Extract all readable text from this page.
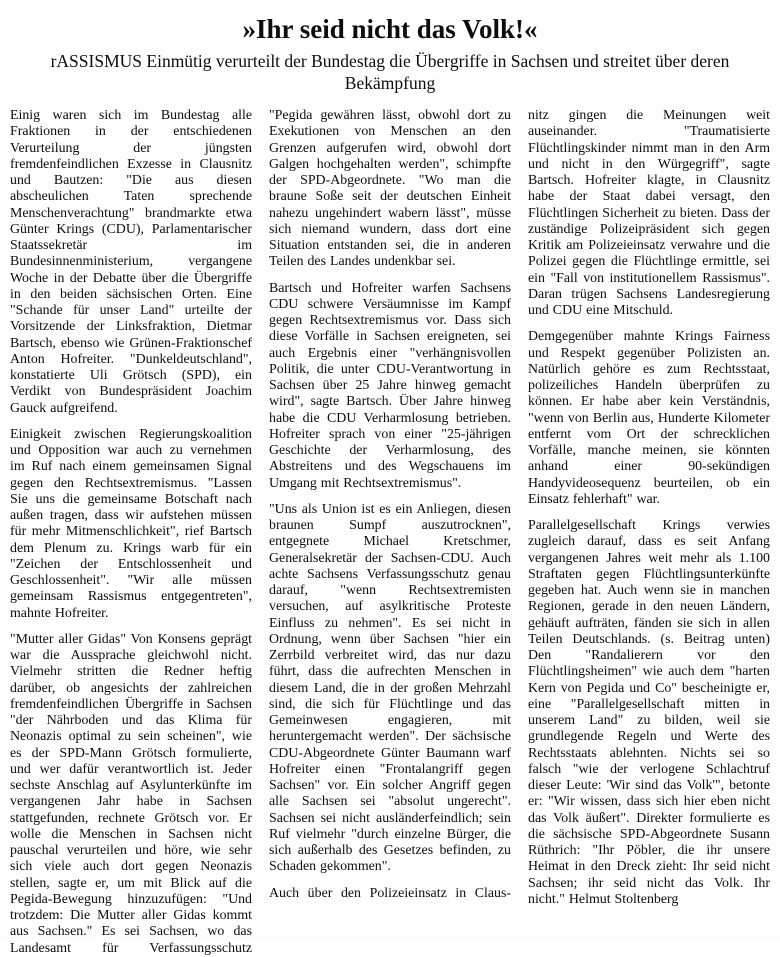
»Ihr seid nicht das Volk!«

rASSISMUS Einmütig verurteilt der Bundestag die Übergriffe in Sachsen und streitet über deren Bekämpfung

Einig waren sich im Bundestag alle Fraktionen in der entschiedenen Verurteilung der jüngsten fremdenfeindlichen Exzesse in Clausnitz und Bautzen: "Die aus diesen abscheulichen Taten sprechende Menschenverachtung" brandmarkte etwa Günter Krings (CDU), Parlamentarischer Staatssekretär im Bundesinnenministerium, vergangene Woche in der Debatte über die Übergriffe in den beiden sächsischen Orten. Eine "Schande für unser Land" urteilte der Vorsitzende der Linksfraktion, Dietmar Bartsch, ebenso wie Grünen-Fraktionschef Anton Hofreiter. "Dunkeldeutschland", konstatierte Uli Grötsch (SPD), ein Verdikt von Bundespräsident Joachim Gauck aufgreifend.

Einigkeit zwischen Regierungskoalition und Opposition war auch zu vernehmen im Ruf nach einem gemeinsamen Signal gegen den Rechtsextremismus. "Lassen Sie uns die gemeinsame Botschaft nach außen tragen, dass wir aufstehen müssen für mehr Mitmenschlichkeit", rief Bartsch dem Plenum zu. Krings warb für ein "Zeichen der Entschlossenheit und Geschlossenheit". "Wir alle müssen gemeinsam Rassismus entgegentreten", mahnte Hofreiter.

"Mutter aller Gidas" Von Konsens geprägt war die Aussprache gleichwohl nicht. Vielmehr stritten die Redner heftig darüber, ob angesichts der zahlreichen fremdenfeindlichen Übergriffe in Sachsen "der Nährboden und das Klima für Neonazis optimal zu sein scheinen", wie es der SPD-Mann Grötsch formulierte, und wer dafür verantwortlich ist. Jeder sechste Anschlag auf Asylunterkünfte im vergangenen Jahr habe in Sachsen stattgefunden, rechnete Grötsch vor. Er wolle die Menschen in Sachsen nicht pauschal verurteilen und höre, wie sehr sich viele auch dort gegen Neonazis stellen, sagte er, um mit Blick auf die Pegida-Bewegung hinzuzufügen: "Und trotzdem: Die Mutter aller Gidas kommt aus Sachsen." Es sei Sachsen, wo das Landesamt für Verfassungsschutz

"Pegida gewähren lässt, obwohl dort zu Exekutionen von Menschen an den Grenzen aufgerufen wird, obwohl dort Galgen hochgehalten werden", schimpfte der SPD-Abgeordnete. "Wo man die braune Soße seit der deutschen Einheit nahezu ungehindert wabern lässt", müsse sich niemand wundern, dass dort eine Situation entstanden sei, die in anderen Teilen des Landes undenkbar sei.

Bartsch und Hofreiter warfen Sachsens CDU schwere Versäumnisse im Kampf gegen Rechtsextremismus vor. Dass sich diese Vorfälle in Sachsen ereigneten, sei auch Ergebnis einer "verhängnisvollen Politik, die unter CDU-Verantwortung in Sachsen über 25 Jahre hinweg gemacht wird", sagte Bartsch. Über Jahre hinweg habe die CDU Verharmlosung betrieben. Hofreiter sprach von einer "25-jährigen Geschichte der Verharmlosung, des Abstreitens und des Wegschauens im Umgang mit Rechtsextremismus".

"Uns als Union ist es ein Anliegen, diesen braunen Sumpf auszutrocknen", entgegnete Michael Kretschmer, Generalsekretär der Sachsen-CDU. Auch achte Sachsens Verfassungsschutz genau darauf, "wenn Rechtsextremisten versuchen, auf asylkritische Proteste Einfluss zu nehmen". Es sei nicht in Ordnung, wenn über Sachsen "hier ein Zerrbild verbreitet wird, das nur dazu führt, dass die aufrechten Menschen in diesem Land, die in der großen Mehrzahl sind, die sich für Flüchtlinge und das Gemeinwesen engagieren, mit heruntergemacht werden". Der sächsische CDU-Abgeordnete Günter Baumann warf Hofreiter einen "Frontalangriff gegen Sachsen" vor. Ein solcher Angriff gegen alle Sachsen sei "absolut ungerecht". Sachsen sei nicht ausländerfeindlich; sein Ruf vielmehr "durch einzelne Bürger, die sich außerhalb des Gesetzes befinden, zu Schaden gekommen".

Auch über den Polizeieinsatz in Claus-

nitz gingen die Meinungen weit auseinander. "Traumatisierte Flüchtlingskinder nimmt man in den Arm und nicht in den Würgegriff", sagte Bartsch. Hofreiter klagte, in Clausnitz habe der Staat dabei versagt, den Flüchtlingen Sicherheit zu bieten. Dass der zuständige Polizeipräsident sich gegen Kritik am Polizeieinsatz verwahre und die Polizei gegen die Flüchtlinge ermittle, sei ein "Fall von institutionellem Rassismus". Daran trügen Sachsens Landesregierung und CDU eine Mitschuld.

Demgegenüber mahnte Krings Fairness und Respekt gegenüber Polizisten an. Natürlich gehöre es zum Rechtsstaat, polizeiliches Handeln überprüfen zu können. Er habe aber kein Verständnis, "wenn von Berlin aus, Hunderte Kilometer entfernt vom Ort der schrecklichen Vorfälle, manche meinen, sie könnten anhand einer 90-sekündigen Handyvideosequenz beurteilen, ob ein Einsatz fehlerhaft" war.

Parallelgesellschaft Krings verwies zugleich darauf, dass es seit Anfang vergangenen Jahres weit mehr als 1.100 Straftaten gegen Flüchtlingsunterkünfte gegeben hat. Auch wenn sie in manchen Regionen, gerade in den neuen Ländern, gehäuft aufträten, fänden sie sich in allen Teilen Deutschlands. (s. Beitrag unten) Den "Randalierern vor den Flüchtlingsheimen" wie auch dem "harten Kern von Pegida und Co" bescheinigte er, eine "Parallelgesellschaft mitten in unserem Land" zu bilden, weil sie grundlegende Regeln und Werte des Rechtsstaats ablehnten. Nichts sei so falsch "wie der verlogene Schlachtruf dieser Leute: 'Wir sind das Volk'", betonte er: "Wir wissen, dass sich hier eben nicht das Volk äußert". Direkter formulierte es die sächsische SPD-Abgeordnete Susann Rüthrich: "Ihr Pöbler, die ihr unsere Heimat in den Dreck zieht: Ihr seid nicht Sachsen; ihr seid nicht das Volk. Ihr nicht." Helmut Stoltenberg
